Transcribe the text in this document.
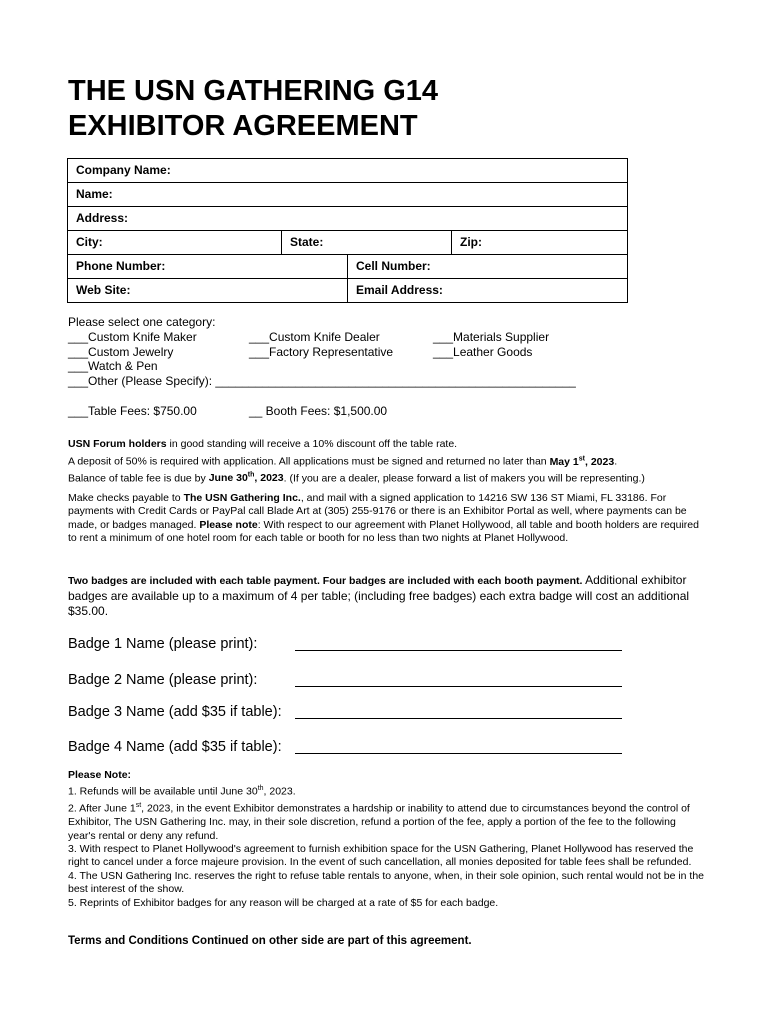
THE USN GATHERING G14
EXHIBITOR AGREEMENT
Company Name:
Name:
Address:
City:	State:	Zip:
Phone Number:	Cell Number:
Web Site:	Email Address:
Please select one category:
___Custom Knife Maker	___Custom Knife Dealer	___Materials Supplier
___Custom Jewelry	___Factory Representative	___Leather Goods
___Watch & Pen
___Other (Please Specify): ______________________________________________________
___Table Fees: $750.00	__ Booth Fees: $1,500.00
USN Forum holders in good standing will receive a 10% discount off the table rate.
A deposit of 50% is required with application. All applications must be signed and returned no later than May 1st, 2023.
Balance of table fee is due by June 30th, 2023. (If you are a dealer, please forward a list of makers you will be representing.)
Make checks payable to The USN Gathering Inc., and mail with a signed application to 14216 SW 136 ST Miami, FL 33186. For payments with Credit Cards or PayPal call Blade Art at (305) 255-9176 or there is an Exhibitor Portal as well, where payments can be made, or badges managed. Please note: With respect to our agreement with Planet Hollywood, all table and booth holders are required to rent a minimum of one hotel room for each table or booth for no less than two nights at Planet Hollywood.
Two badges are included with each table payment. Four badges are included with each booth payment. Additional exhibitor badges are available up to a maximum of 4 per table; (including free badges) each extra badge will cost an additional $35.00.
Badge 1 Name (please print):
Badge 2 Name (please print):
Badge 3 Name (add $35 if table):
Badge 4 Name (add $35 if table):
Please Note:
1. Refunds will be available until June 30th, 2023.
2. After June 1st, 2023, in the event Exhibitor demonstrates a hardship or inability to attend due to circumstances beyond the control of Exhibitor, The USN Gathering Inc. may, in their sole discretion, refund a portion of the fee, apply a portion of the fee to the following year's rental or deny any refund.
3. With respect to Planet Hollywood's agreement to furnish exhibition space for the USN Gathering, Planet Hollywood has reserved the right to cancel under a force majeure provision. In the event of such cancellation, all monies deposited for table fees shall be refunded.
4. The USN Gathering Inc. reserves the right to refuse table rentals to anyone, when, in their sole opinion, such rental would not be in the best interest of the show.
5. Reprints of Exhibitor badges for any reason will be charged at a rate of $5 for each badge.
Terms and Conditions Continued on other side are part of this agreement.
